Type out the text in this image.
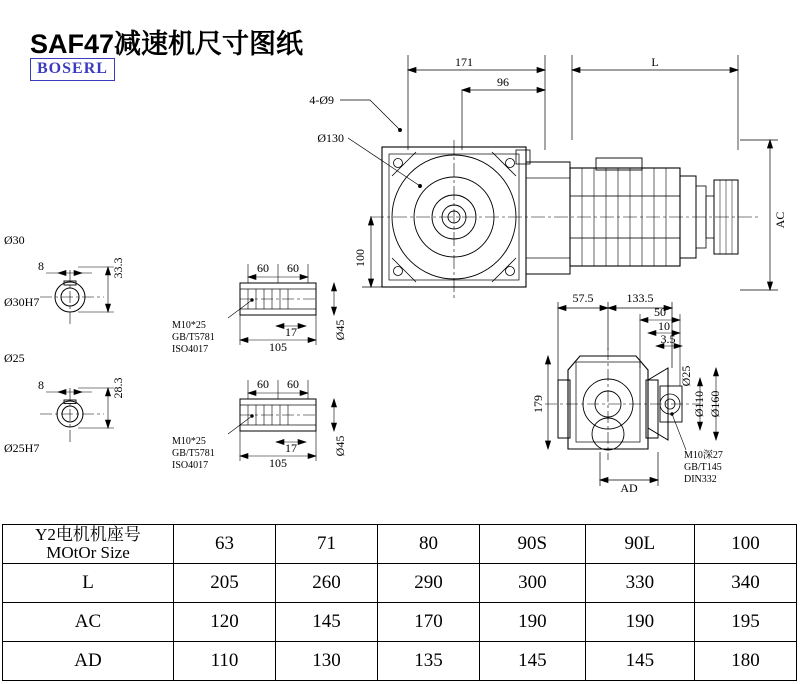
SAF47减速机尺寸图纸
BOSERL	171
96
L
4-Ø9
Ø130
100
AC
Ø30
8	33.3
Ø30H7
Ø25
8	28.3
Ø25H7
60 60
17
105
Ø45
M10*25
GB/T5781
ISO4017
60 60
17
105
Ø45
M10*25
GB/T5781
ISO4017
57.5	133.5
179
50
10
3.5
Ø25
Ø110 Ø160
AD
M10深27
GB/T145
DIN332
Y2电机机座号
MOtOr Size	63	71	80	90S	90L	100
L	205	260	290	300	330	340
AC	120	145	170	190	190	195
AD	110	130	135	145	145	180
